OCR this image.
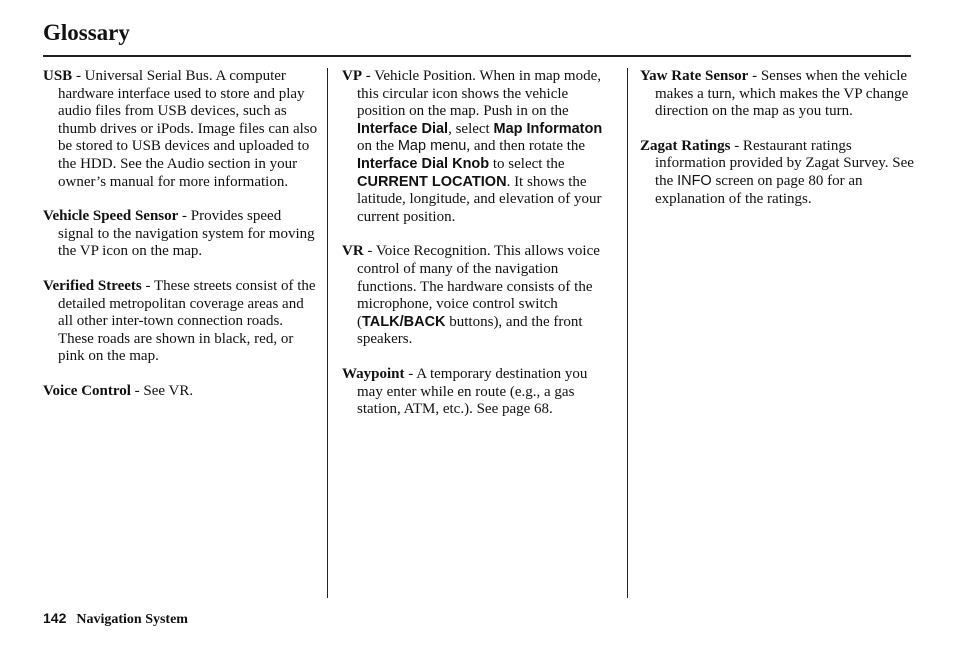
Glossary

USB - Universal Serial Bus. A computer hardware interface used to store and play audio files from USB devices, such as thumb drives or iPods. Image files can also be stored to USB devices and uploaded to the HDD. See the Audio section in your owner’s manual for more information.

Vehicle Speed Sensor - Provides speed signal to the navigation system for moving the VP icon on the map.

Verified Streets - These streets consist of the detailed metropolitan coverage areas and all other inter-town connection roads. These roads are shown in black, red, or pink on the map.

Voice Control - See VR.

VP - Vehicle Position. When in map mode, this circular icon shows the vehicle position on the map. Push in on the Interface Dial, select Map Informaton on the Map menu, and then rotate the Interface Dial Knob to select the CURRENT LOCATION. It shows the latitude, longitude, and elevation of your current position.

VR - Voice Recognition. This allows voice control of many of the navigation functions. The hardware consists of the microphone, voice control switch (TALK/BACK buttons), and the front speakers.

Waypoint - A temporary destination you may enter while en route (e.g., a gas station, ATM, etc.). See page 68.

Yaw Rate Sensor - Senses when the vehicle makes a turn, which makes the VP change direction on the map as you turn.

Zagat Ratings - Restaurant ratings information provided by Zagat Survey. See the INFO screen on page 80 for an explanation of the ratings.

142 Navigation System
